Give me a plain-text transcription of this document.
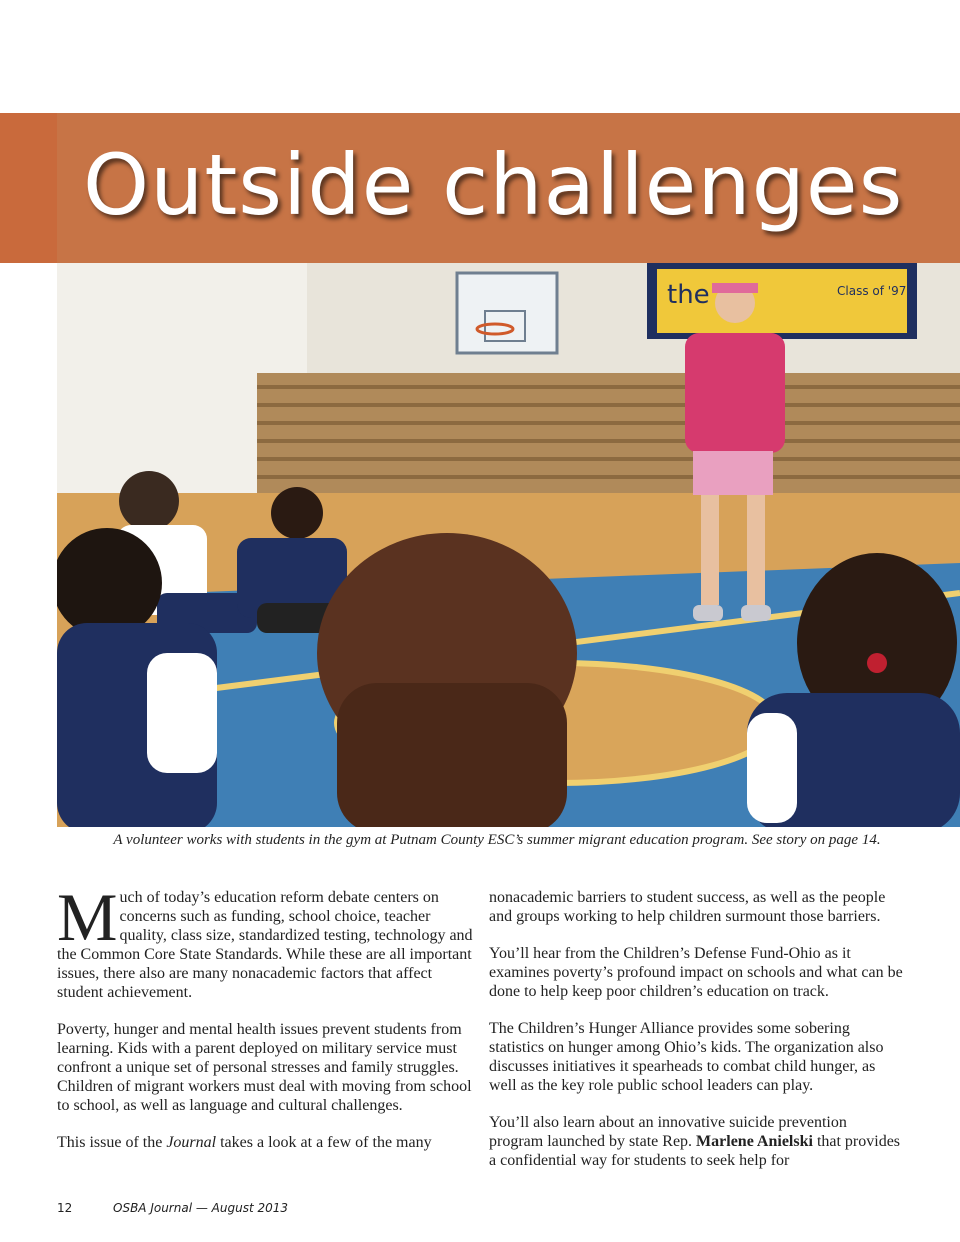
Outside challenges
the	Class of '97
A volunteer works with students in the gym at Putnam County ESC’s summer migrant education program. See story on page 14.

Much of today’s education reform debate centers on concerns such as funding, school choice, teacher quality, class size, standardized testing, technology and the Common Core State Standards. While these are all important issues, there also are many nonacademic factors that affect student achievement.

Poverty, hunger and mental health issues prevent students from learning. Kids with a parent deployed on military service must confront a unique set of personal stresses and family struggles. Children of migrant workers must deal with moving from school to school, as well as language and cultural challenges.

This issue of the Journal takes a look at a few of the many

nonacademic barriers to student success, as well as the people and groups working to help children surmount those barriers.

You’ll hear from the Children’s Defense Fund-Ohio as it examines poverty’s profound impact on schools and what can be done to help keep poor children’s education on track.

The Children’s Hunger Alliance provides some sobering statistics on hunger among Ohio’s kids. The organization also discusses initiatives it spearheads to combat child hunger, as well as the key role public school leaders can play.

You’ll also learn about an innovative suicide prevention program launched by state Rep. Marlene Anielski that provides a confidential way for students to seek help for

12	OSBA Journal — August 2013
